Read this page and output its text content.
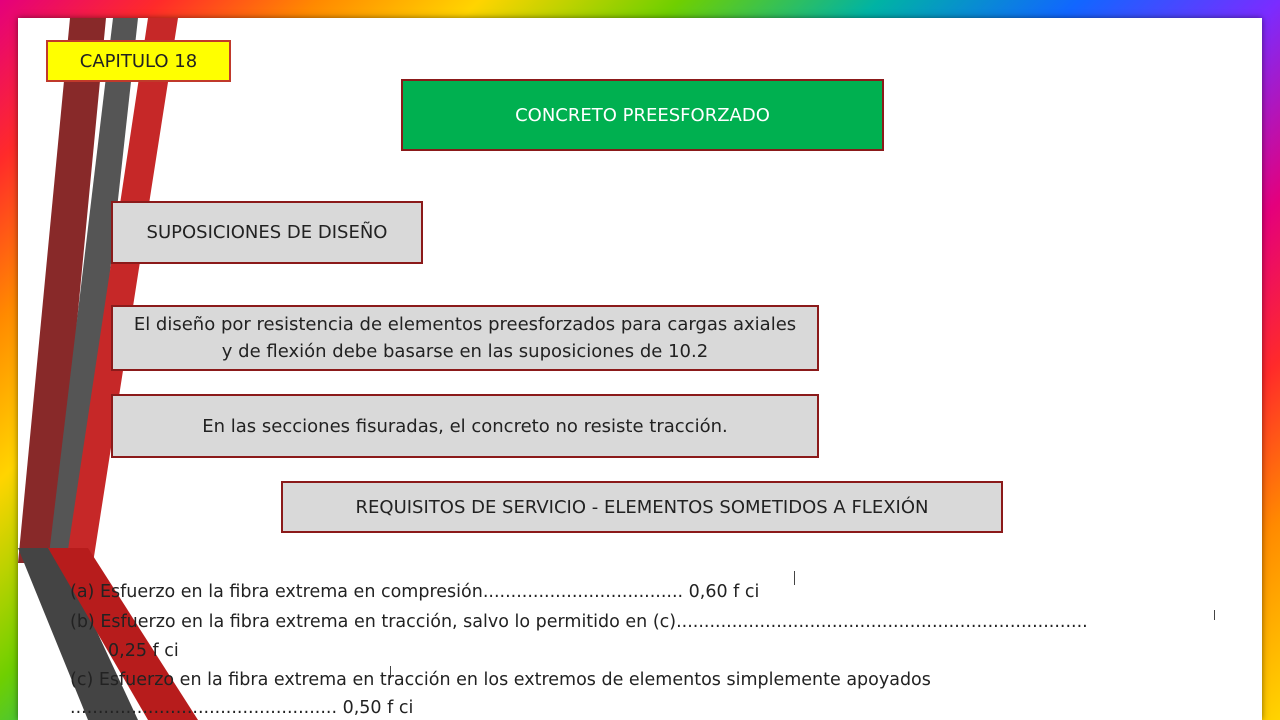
CAPITULO 18
CONCRETO PREESFORZADO
SUPOSICIONES DE DISEÑO
El diseño por resistencia de elementos preesforzados para cargas axiales y de flexión debe basarse en las suposiciones de 10.2
En las secciones fisuradas, el concreto no resiste tracción.
REQUISITOS DE SERVICIO - ELEMENTOS SOMETIDOS A FLEXIÓN
(a) Esfuerzo en la fibra extrema en compresión.................................... 0,60 f ci
(b) Esfuerzo en la fibra extrema en tracción, salvo lo permitido en (c)..........................................................................
0,25 f ci
(c) Esfuerzo en la fibra extrema en tracción en los extremos de elementos simplemente apoyados
................................................ 0,50 f ci
